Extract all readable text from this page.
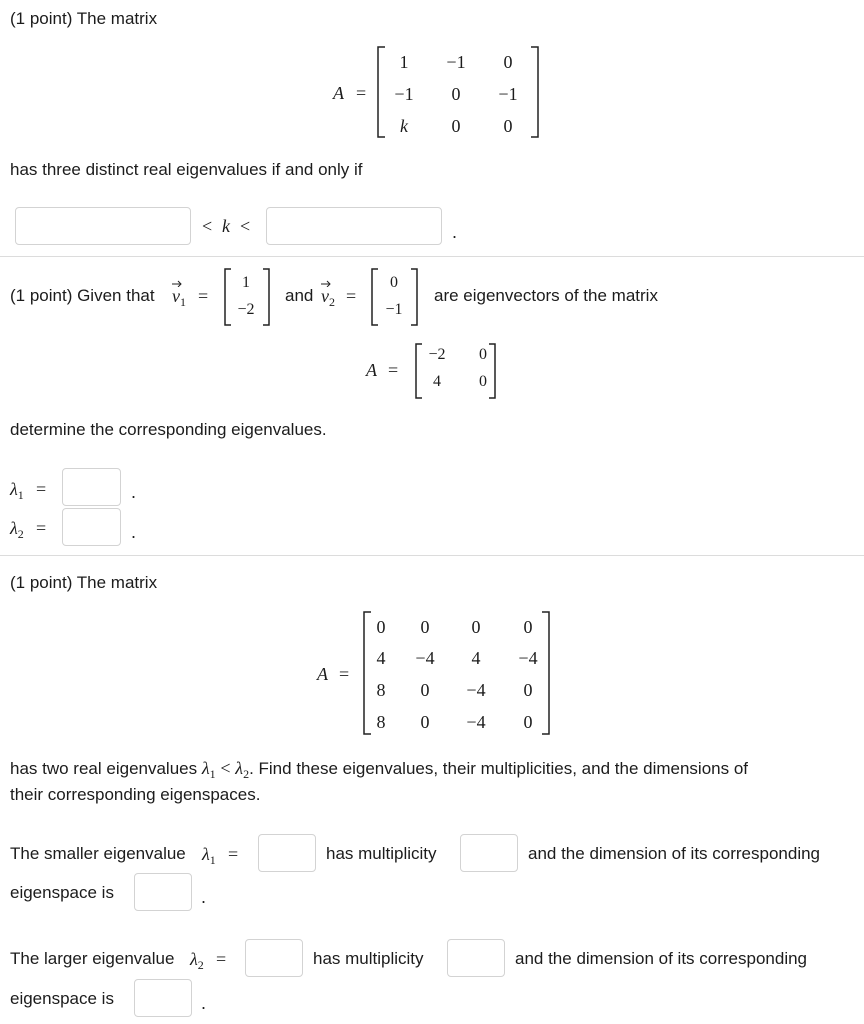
(1 point) The matrix
A =
1	−1	0
−1	0	−1
k	0	0
has three distinct real eigenvalues if and only if
< k <	.
(1 point) Given that $v_1$ =
1
−2
and $v_2$ =
0
−1
are eigenvectors of the matrix
A =
−2	0
4	0
determine the corresponding eigenvalues.
$\lambda_1$ =	.
$\lambda_2$ =	.
(1 point) The matrix
A =
0	0	0	0
4	−4	4	−4
8	0	−4	0
8	0	−4	0
has two real eigenvalues $\lambda_1 < \lambda_2$. Find these eigenvalues, their multiplicities, and the dimensions of
their corresponding eigenspaces.
The smaller eigenvalue $\lambda_1$ =	has multiplicity	and the dimension of its corresponding
eigenspace is	.
The larger eigenvalue $\lambda_2$ =	has multiplicity	and the dimension of its corresponding
eigenspace is	.
